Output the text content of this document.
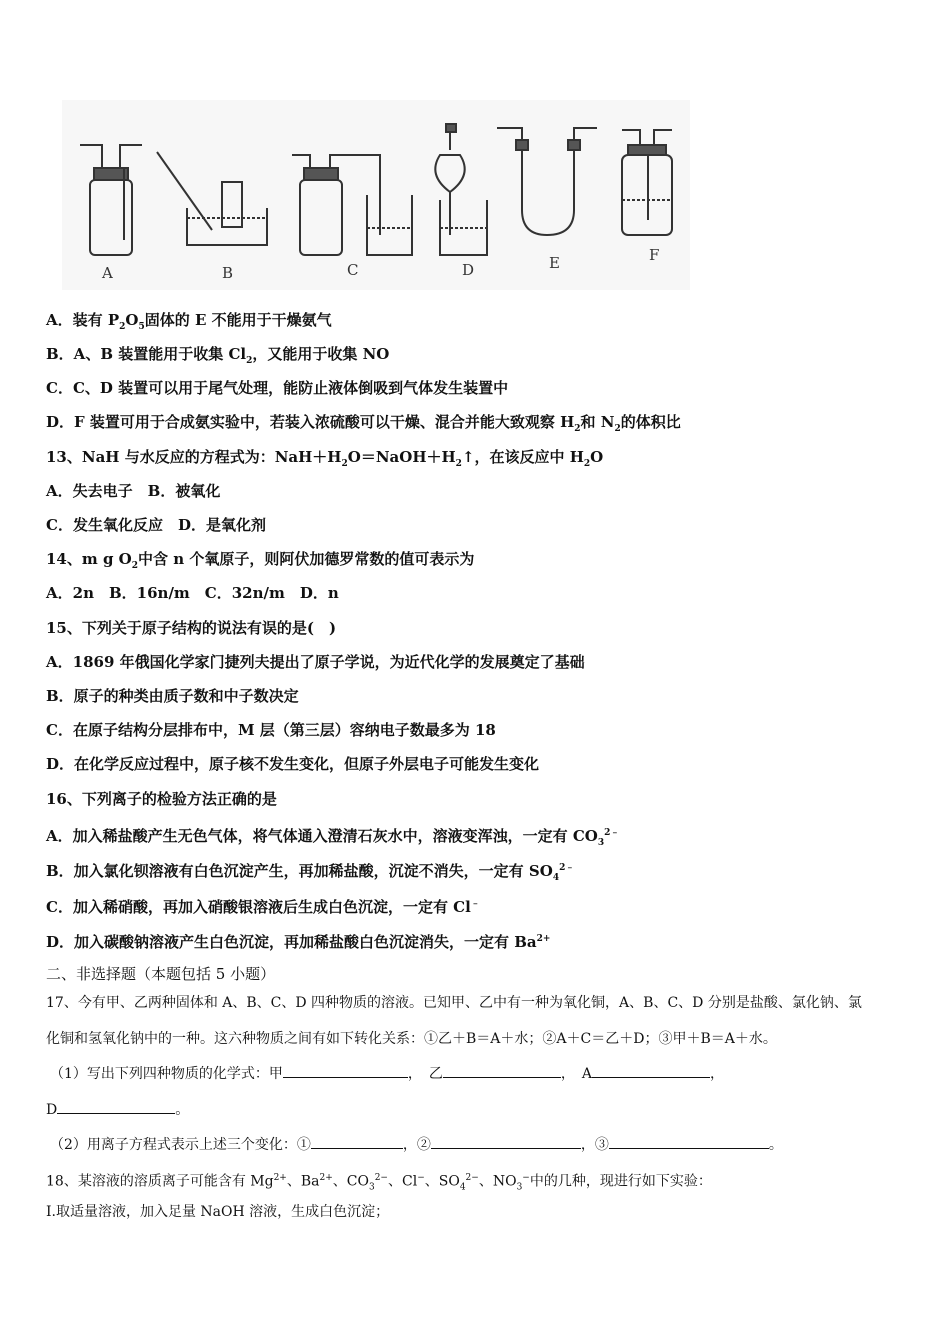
A	B	C	D	E	F
A．装有 $P_2O_5$固体的 E 不能用于干燥氨气
B．A、B 装置能用于收集 $Cl_2$，又能用于收集 NO
C．C、D 装置可以用于尾气处理，能防止液体倒吸到气体发生装置中
D．F 装置可用于合成氨实验中，若装入浓硫酸可以干燥、混合并能大致观察 $H_2$和 $N_2$的体积比
13、NaH 与水反应的方程式为：$NaH+H_2O=NaOH+H_2↑$，在该反应中 $H_2O$
A．失去电子　B．被氧化
C．发生氧化反应　D．是氧化剂
14、m g $O_2$中含 n 个氧原子，则阿伏加德罗常数的值可表示为
A．2n　B．16n/m　C．32n/m　D．n
15、下列关于原子结构的说法有误的是(　)
A．1869 年俄国化学家门捷列夫提出了原子学说，为近代化学的发展奠定了基础
B．原子的种类由质子数和中子数决定
C．在原子结构分层排布中，M 层（第三层）容纳电子数最多为 18
D．在化学反应过程中，原子核不发生变化，但原子外层电子可能发生变化
16、下列离子的检验方法正确的是
A．加入稀盐酸产生无色气体，将气体通入澄清石灰水中，溶液变浑浊，一定有 $CO_3^{2﹣}$
B．加入氯化钡溶液有白色沉淀产生，再加稀盐酸，沉淀不消失，一定有 $SO_4^{2﹣}$
C．加入稀硝酸，再加入硝酸银溶液后生成白色沉淀，一定有 Cl﹣
D．加入碳酸钠溶液产生白色沉淀，再加稀盐酸白色沉淀消失，一定有 $Ba^{2+}$
二、非选择题（本题包括 5 小题）
17、今有甲、乙两种固体和 A、B、C、D 四种物质的溶液。已知甲、乙中有一种为氧化铜，A、B、C、D 分别是盐酸、氯化钠、氯
化铜和氢氧化钠中的一种。这六种物质之间有如下转化关系：①乙＋B＝A＋水；②A＋C＝乙＋D；③甲＋B＝A＋水。
（1）写出下列四种物质的化学式：甲	，　 乙	，　 A	，
D	。
（2）用离子方程式表示上述三个变化：①	，②	，③	。
18、某溶液的溶质离子可能含有 $Mg^{2+}$、$Ba^{2+}$、$CO_3^{2-}$、Cl−、$SO_4^{2-}$、$NO_3^-$中的几种，现进行如下实验：
Ⅰ.取适量溶液，加入足量 NaOH 溶液，生成白色沉淀；
